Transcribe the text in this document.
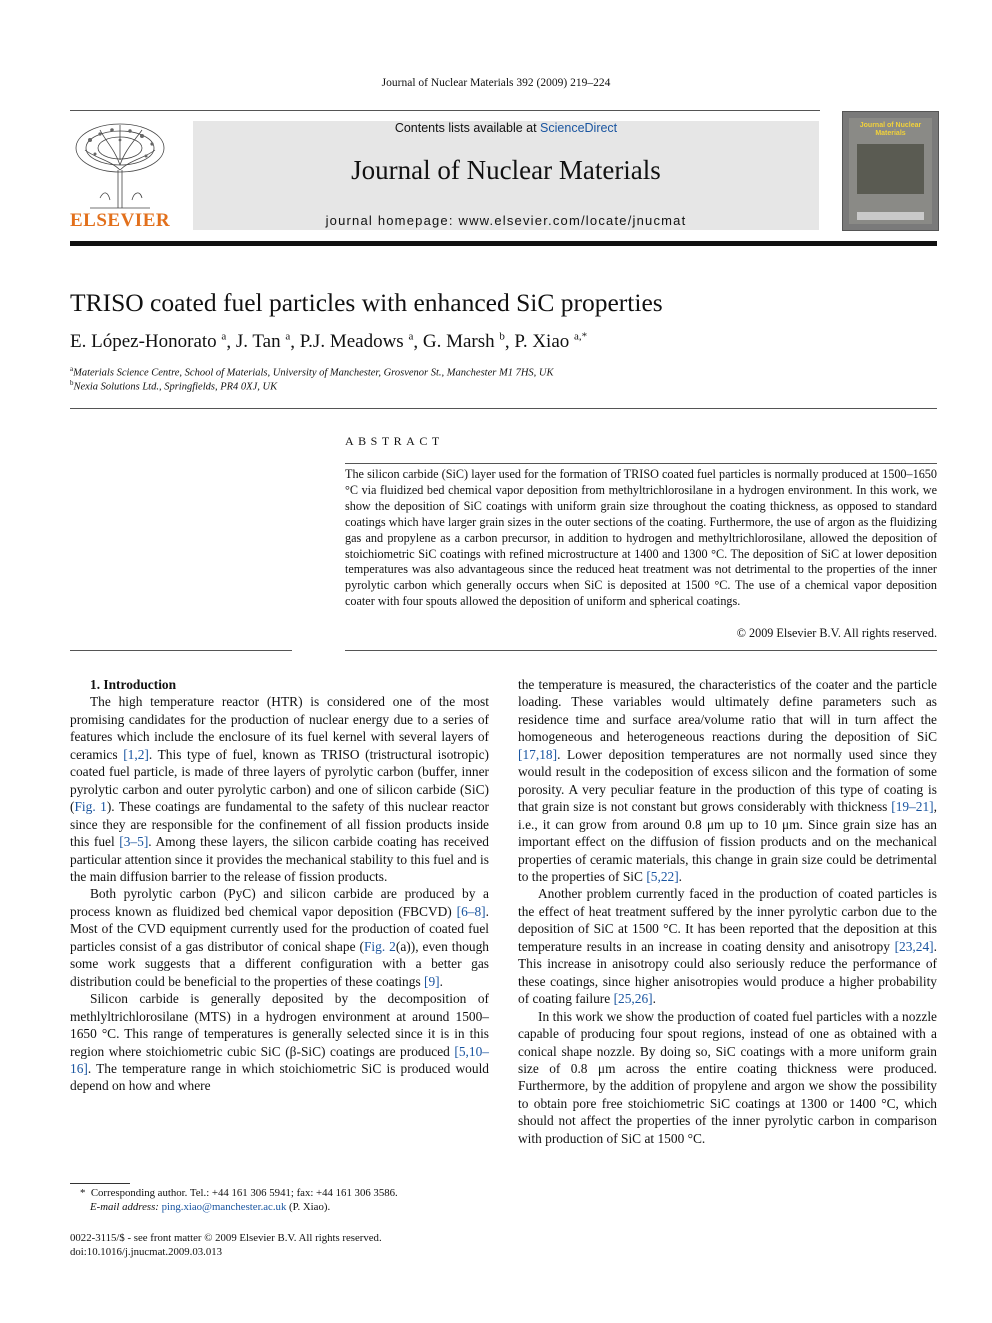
Journal of Nuclear Materials 392 (2009) 219–224
ELSEVIER
Contents lists available at ScienceDirect
Journal of Nuclear Materials
journal homepage: www.elsevier.com/locate/jnucmat
Journal of Nuclear Materials
TRISO coated fuel particles with enhanced SiC properties
E. López-Honorato $^a$, J. Tan $^a$, P.J. Meadows $^a$, G. Marsh $^b$, P. Xiao $^{a,*}$
$^a$Materials Science Centre, School of Materials, University of Manchester, Grosvenor St., Manchester M1 7HS, UK
$^b$Nexia Solutions Ltd., Springfields, PR4 0XJ, UK
ABSTRACT
The silicon carbide (SiC) layer used for the formation of TRISO coated fuel particles is normally produced at 1500–1650 °C via fluidized bed chemical vapor deposition from methyltrichlorosilane in a hydrogen environment. In this work, we show the deposition of SiC coatings with uniform grain size throughout the coating thickness, as opposed to standard coatings which have larger grain sizes in the outer sections of the coating. Furthermore, the use of argon as the fluidizing gas and propylene as a carbon precursor, in addition to hydrogen and methyltrichlorosilane, allowed the deposition of stoichiometric SiC coatings with refined microstructure at 1400 and 1300 °C. The deposition of SiC at lower deposition temperatures was also advantageous since the reduced heat treatment was not detrimental to the properties of the inner pyrolytic carbon which generally occurs when SiC is deposited at 1500 °C. The use of a chemical vapor deposition coater with four spouts allowed the deposition of uniform and spherical coatings.
© 2009 Elsevier B.V. All rights reserved.

1. Introduction

The high temperature reactor (HTR) is considered one of the most promising candidates for the production of nuclear energy due to a series of features which include the enclosure of its fuel kernel with several layers of ceramics [1,2]. This type of fuel, known as TRISO (tristructural isotropic) coated fuel particle, is made of three layers of pyrolytic carbon (buffer, inner pyrolytic carbon and outer pyrolytic carbon) and one of silicon carbide (SiC) (Fig. 1). These coatings are fundamental to the safety of this nuclear reactor since they are responsible for the confinement of all fission products inside this fuel [3–5]. Among these layers, the silicon carbide coating has received particular attention since it provides the mechanical stability to this fuel and is the main diffusion barrier to the release of fission products.

Both pyrolytic carbon (PyC) and silicon carbide are produced by a process known as fluidized bed chemical vapor deposition (FBCVD) [6–8]. Most of the CVD equipment currently used for the production of coated fuel particles consist of a gas distributor of conical shape (Fig. 2(a)), even though some work suggests that a different configuration with a better gas distribution could be beneficial to the properties of these coatings [9].

Silicon carbide is generally deposited by the decomposition of methlyltrichlorosilane (MTS) in a hydrogen environment at around 1500–1650 °C. This range of temperatures is generally selected since it is in this region where stoichiometric cubic SiC (β-SiC) coatings are produced [5,10–16]. The temperature range in which stoichiometric SiC is produced would depend on how and where

the temperature is measured, the characteristics of the coater and the particle loading. These variables would ultimately define parameters such as residence time and surface area/volume ratio that will in turn affect the homogeneous and heterogeneous reactions during the deposition of SiC [17,18]. Lower deposition temperatures are not normally used since they would result in the codeposition of excess silicon and the formation of some porosity. A very peculiar feature in the production of this type of coating is that grain size is not constant but grows considerably with thickness [19–21], i.e., it can grow from around 0.8 μm up to 10 μm. Since grain size has an important effect on the diffusion of fission products and on the mechanical properties of ceramic materials, this change in grain size could be detrimental to the properties of SiC [5,22].

Another problem currently faced in the production of coated particles is the effect of heat treatment suffered by the inner pyrolytic carbon due to the deposition of SiC at 1500 °C. It has been reported that the deposition at this temperature results in an increase in coating density and anisotropy [23,24]. This increase in anisotropy could also seriously reduce the performance of these coatings, since higher anisotropies would produce a higher probability of coating failure [25,26].

In this work we show the production of coated fuel particles with a nozzle capable of producing four spout regions, instead of one as obtained with a conical shape nozzle. By doing so, SiC coatings with a more uniform grain size of 0.8 μm across the entire coating thickness were produced. Furthermore, by the addition of propylene and argon we show the possibility to obtain pore free stoichiometric SiC coatings at 1300 or 1400 °C, which should not affect the properties of the inner pyrolytic carbon in comparison with production of SiC at 1500 °C.

* Corresponding author. Tel.: +44 161 306 5941; fax: +44 161 306 3586.
E-mail address: ping.xiao@manchester.ac.uk (P. Xiao).
0022-3115/$ - see front matter © 2009 Elsevier B.V. All rights reserved.
doi:10.1016/j.jnucmat.2009.03.013
